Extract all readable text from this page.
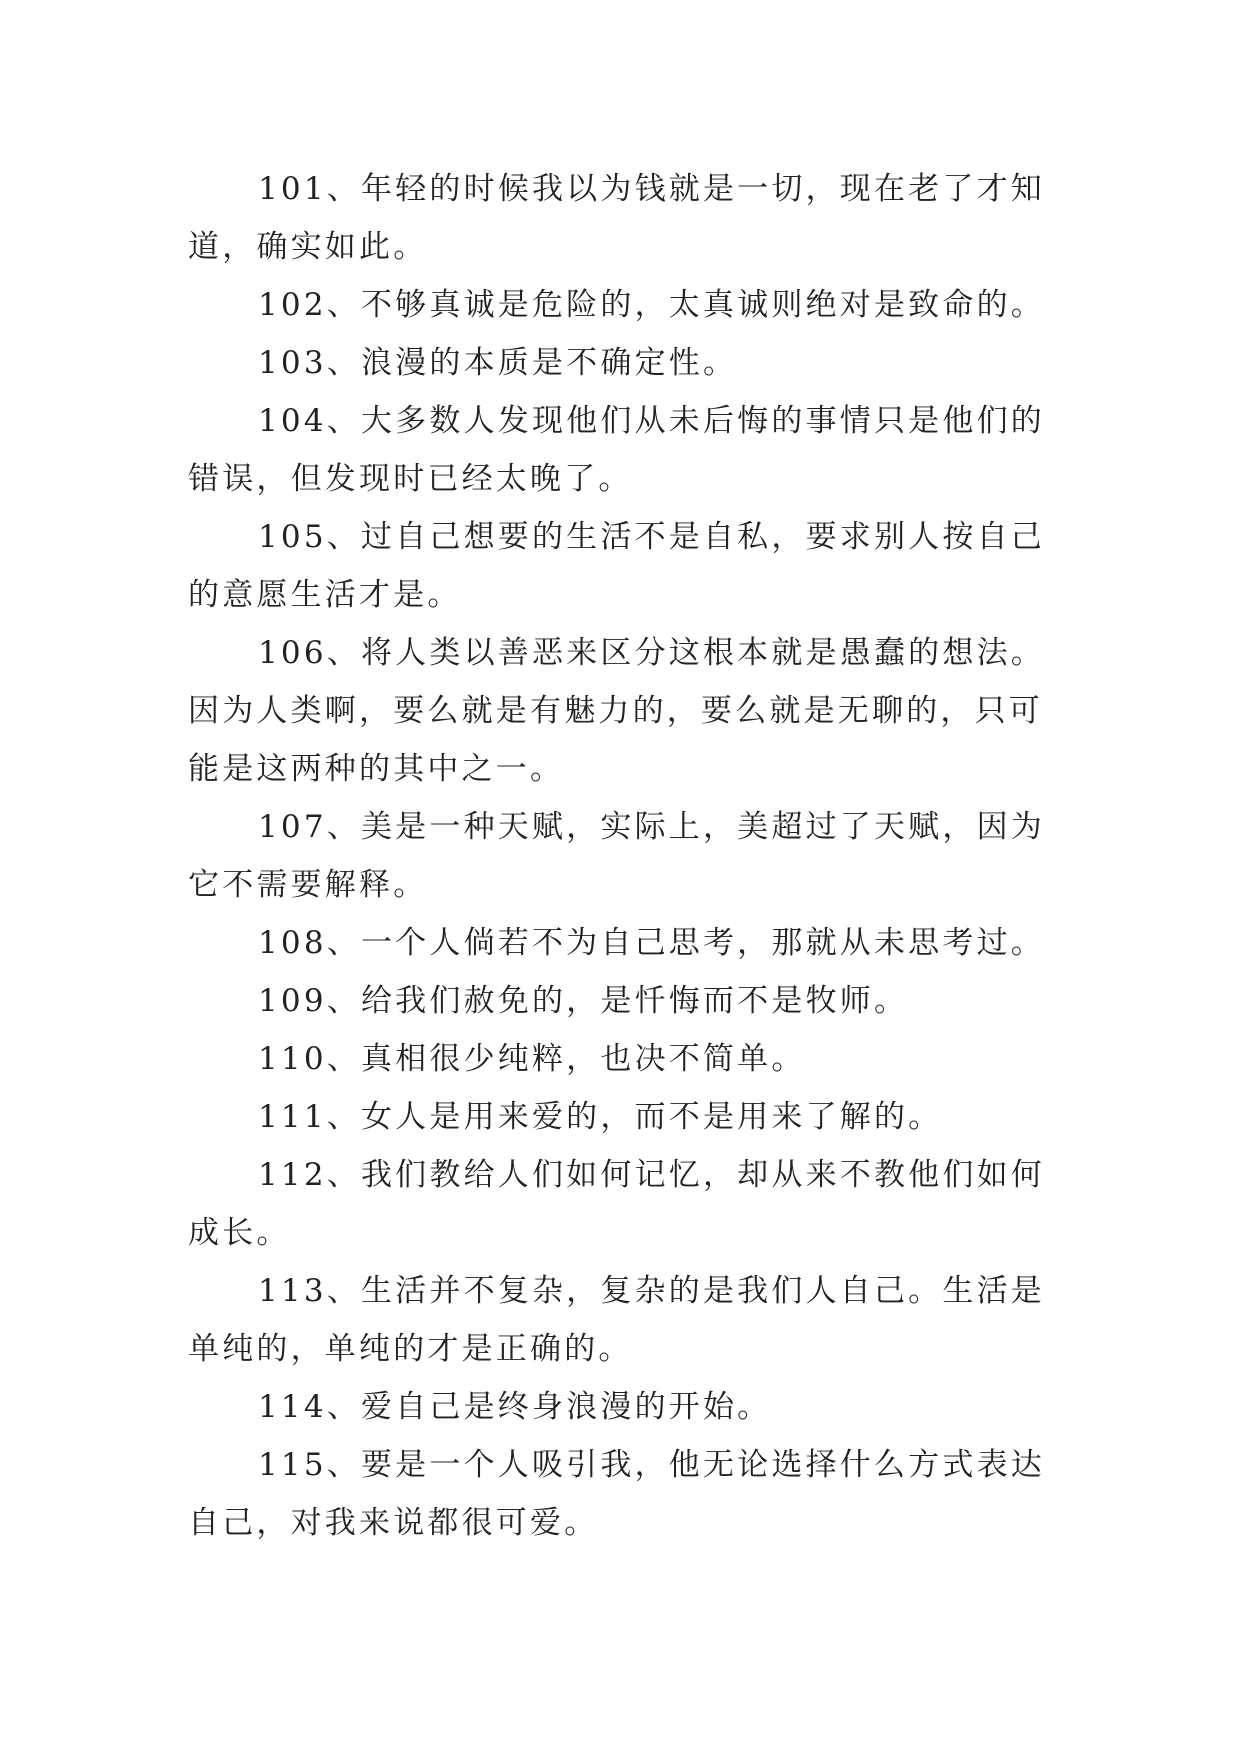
101、年轻的时候我以为钱就是一切，现在老了才知道，确实如此。

102、不够真诚是危险的，太真诚则绝对是致命的。

103、浪漫的本质是不确定性。

104、大多数人发现他们从未后悔的事情只是他们的错误，但发现时已经太晚了。

105、过自己想要的生活不是自私，要求别人按自己的意愿生活才是。

106、将人类以善恶来区分这根本就是愚蠢的想法。因为人类啊，要么就是有魅力的，要么就是无聊的，只可能是这两种的其中之一。

107、美是一种天赋，实际上，美超过了天赋，因为它不需要解释。

108、一个人倘若不为自己思考，那就从未思考过。

109、给我们赦免的，是忏悔而不是牧师。

110、真相很少纯粹，也决不简单。

111、女人是用来爱的，而不是用来了解的。

112、我们教给人们如何记忆，却从来不教他们如何成长。

113、生活并不复杂，复杂的是我们人自己。生活是单纯的，单纯的才是正确的。

114、爱自己是终身浪漫的开始。

115、要是一个人吸引我，他无论选择什么方式表达自己，对我来说都很可爱。
